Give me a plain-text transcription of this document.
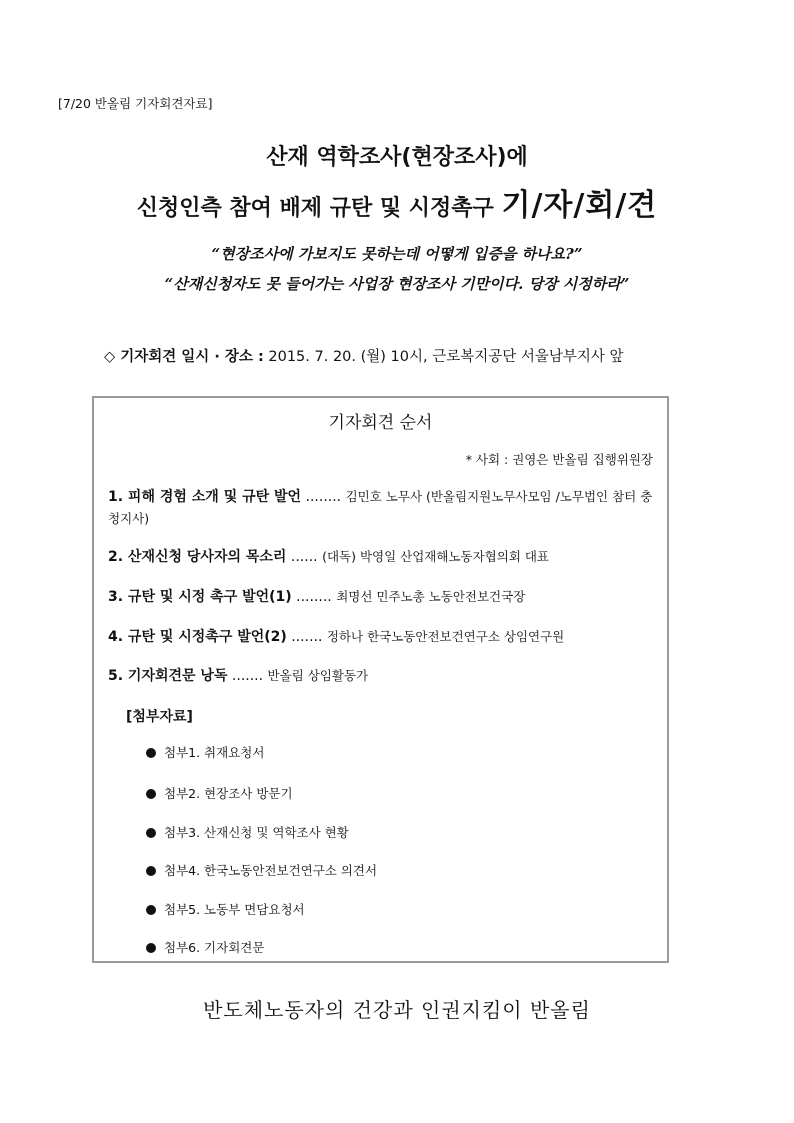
[7/20 반올림 기자회견자료]
산재 역학조사(현장조사)에
신청인측 참여 배제 규탄 및 시정촉구 기/자/회/견
“현장조사에 가보지도 못하는데 어떻게 입증을 하나요?”
“산재신청자도 못 들어가는 사업장 현장조사 기만이다. 당장 시정하라”
◇ 기자회견 일시 · 장소 : 2015. 7. 20. (월) 10시, 근로복지공단 서울남부지사 앞
기자회견 순서
* 사회 : 권영은 반올림 집행위원장
1. 피해 경험 소개 및 규탄 발언 ........ 김민호 노무사 (반올림지원노무사모임 /노무법인 참터 충청지사)
2. 산재신청 당사자의 목소리 ...... (대독) 박영일 산업재해노동자협의회 대표
3. 규탄 및 시정 촉구 발언(1) ........ 최명선 민주노총 노동안전보건국장
4. 규탄 및 시정촉구 발언(2) ....... 정하나 한국노동안전보건연구소 상임연구원
5. 기자회견문 낭독 ....... 반올림 상임활동가
[첨부자료]
첨부1. 취재요청서
첨부2. 현장조사 방문기
첨부3. 산재신청 및 역학조사 현황
첨부4. 한국노동안전보건연구소 의견서
첨부5. 노동부 면담요청서
첨부6. 기자회견문
반도체노동자의 건강과 인권지킴이 반올림
